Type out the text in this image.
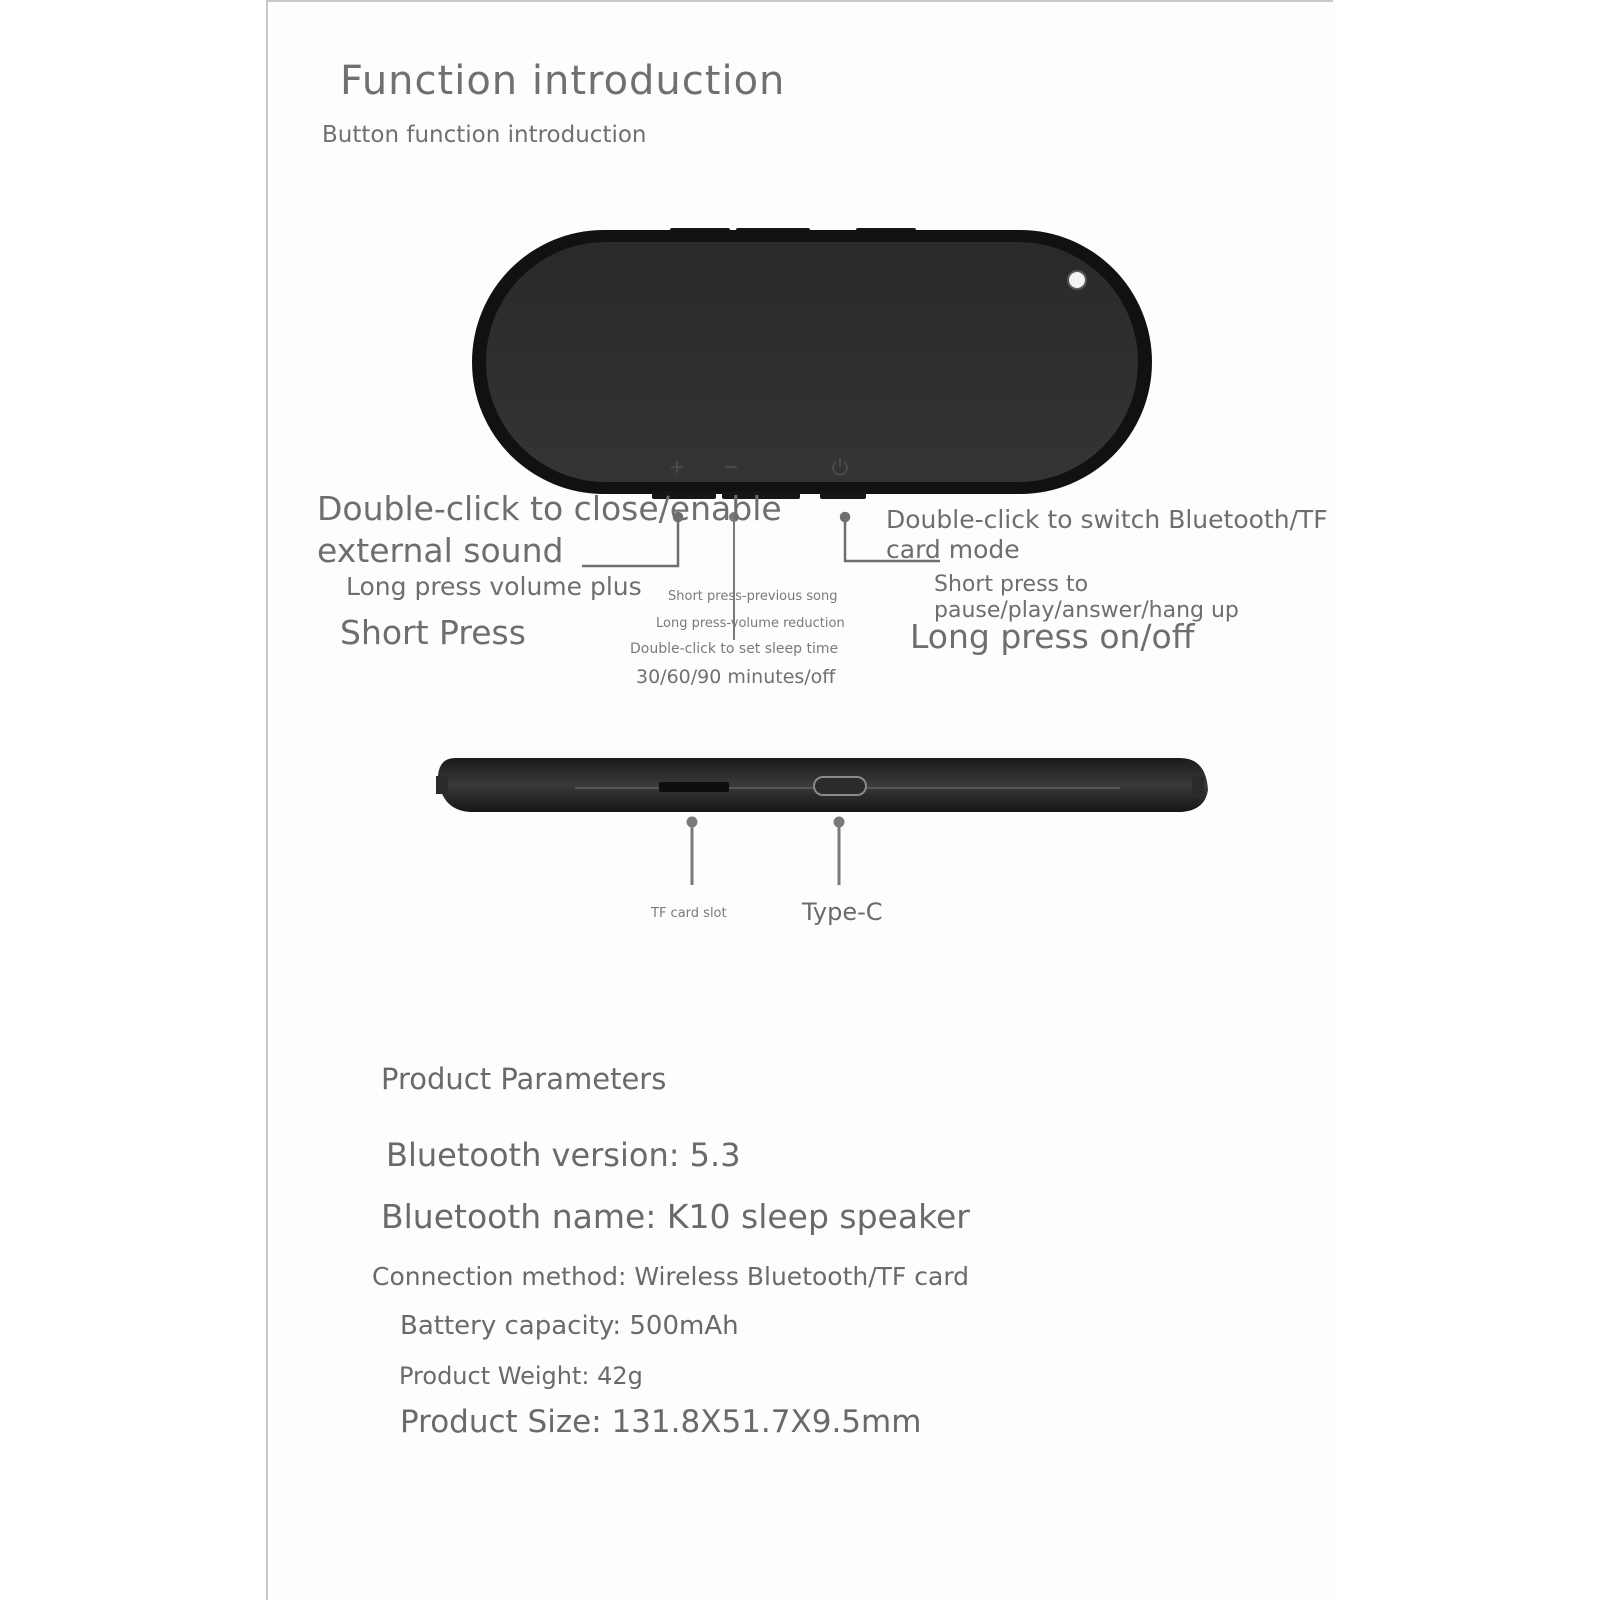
Function introduction
Button function introduction
Double-click to close/enable external sound
Long press volume plus
Short Press
Short press-previous song
Long press-volume reduction
Double-click to set sleep time
30/60/90 minutes/off
Double-click to switch Bluetooth/TF card mode
Short press to pause/play/answer/hang up
Long press on/off
TF card slot	Type-C
Product Parameters
Bluetooth version: 5.3
Bluetooth name: K10 sleep speaker
Connection method: Wireless Bluetooth/TF card
Battery capacity: 500mAh
Product Weight: 42g
Product Size: 131.8X51.7X9.5mm
